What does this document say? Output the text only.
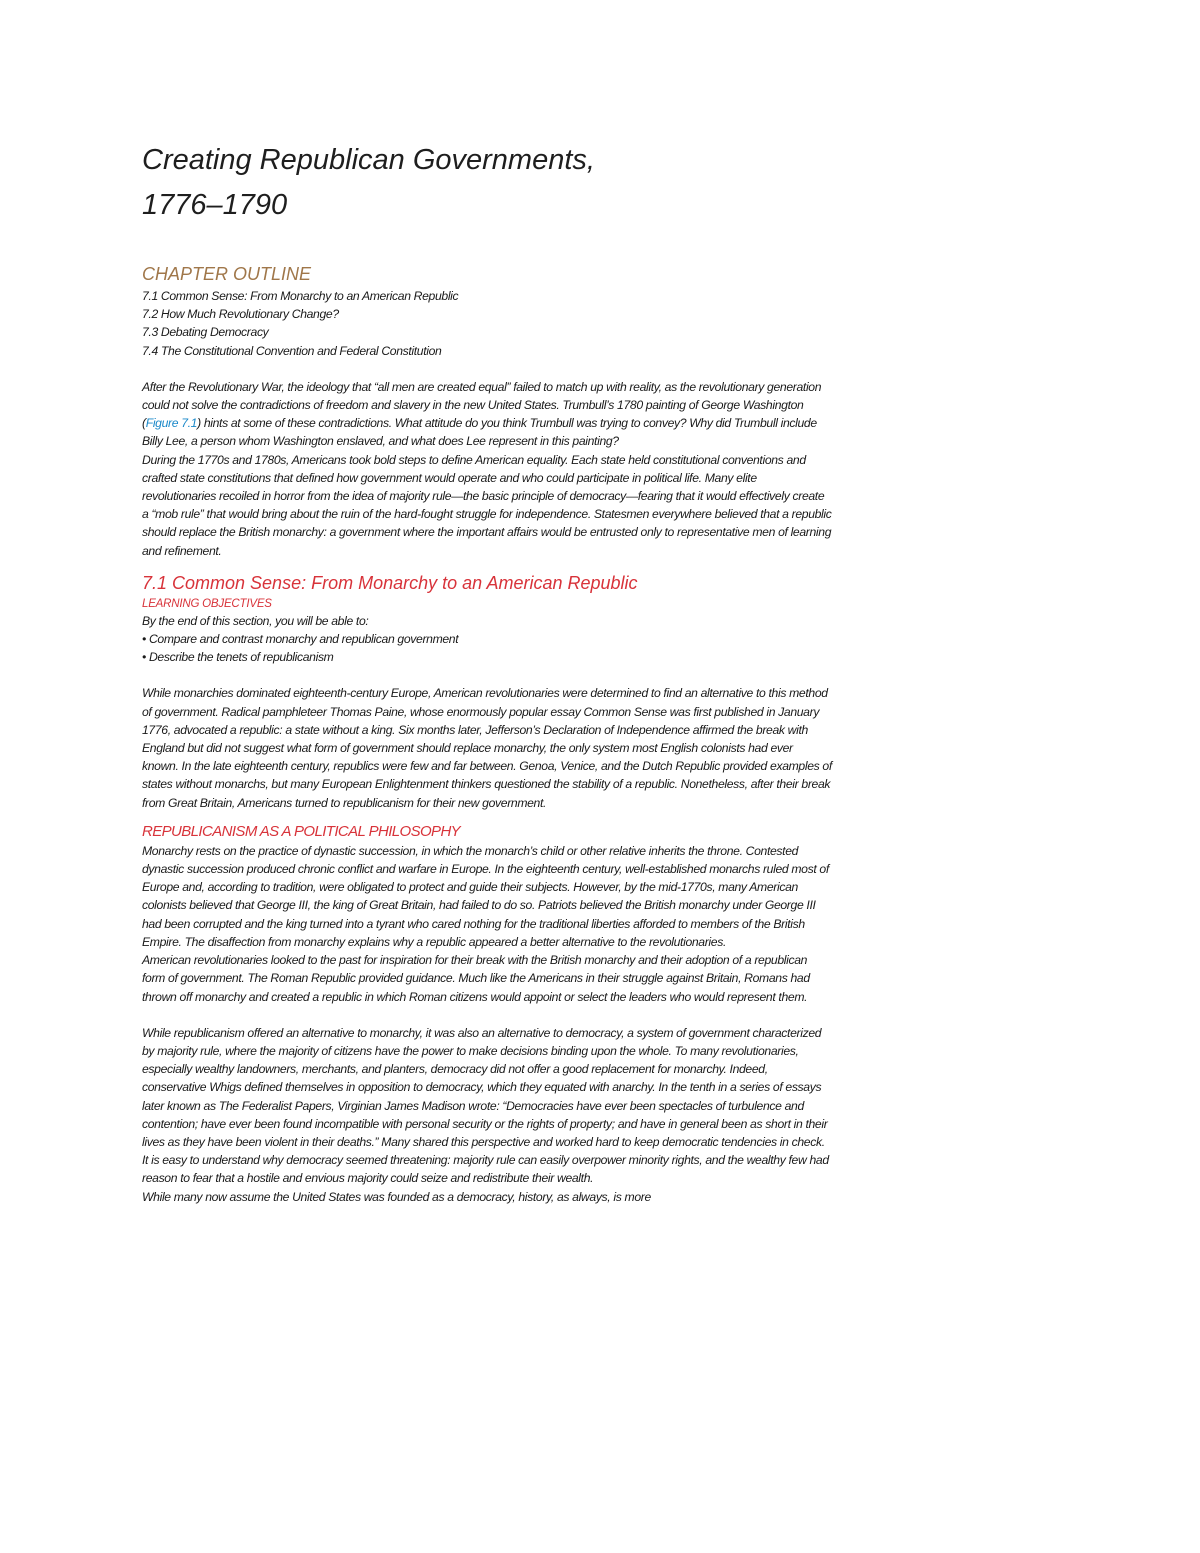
Creating Republican Governments,
1776–1790
CHAPTER OUTLINE
7.1 Common Sense: From Monarchy to an American Republic
7.2 How Much Revolutionary Change?
7.3 Debating Democracy
7.4 The Constitutional Convention and Federal Constitution

After the Revolutionary War, the ideology that “all men are created equal” failed to match up with reality, as the revolutionary generation could not solve the contradictions of freedom and slavery in the new United States. Trumbull’s 1780 painting of George Washington (Figure 7.1) hints at some of these contradictions. What attitude do you think Trumbull was trying to convey? Why did Trumbull include Billy Lee, a person whom Washington enslaved, and what does Lee represent in this painting?

During the 1770s and 1780s, Americans took bold steps to define American equality. Each state held constitutional conventions and crafted state constitutions that defined how government would operate and who could participate in political life. Many elite revolutionaries recoiled in horror from the idea of majority rule—the basic principle of democracy—fearing that it would effectively create a “mob rule” that would bring about the ruin of the hard-fought struggle for independence. Statesmen everywhere believed that a republic should replace the British monarchy: a government where the important affairs would be entrusted only to representative men of learning and refinement.

7.1 Common Sense: From Monarchy to an American Republic
LEARNING OBJECTIVES

By the end of this section, you will be able to:

• Compare and contrast monarchy and republican government

• Describe the tenets of republicanism

While monarchies dominated eighteenth-century Europe, American revolutionaries were determined to find an alternative to this method of government. Radical pamphleteer Thomas Paine, whose enormously popular essay Common Sense was first published in January 1776, advocated a republic: a state without a king. Six months later, Jefferson’s Declaration of Independence affirmed the break with England but did not suggest what form of government should replace monarchy, the only system most English colonists had ever known. In the late eighteenth century, republics were few and far between. Genoa, Venice, and the Dutch Republic provided examples of states without monarchs, but many European Enlightenment thinkers questioned the stability of a republic. Nonetheless, after their break from Great Britain, Americans turned to republicanism for their new government.

REPUBLICANISM AS A POLITICAL PHILOSOPHY

Monarchy rests on the practice of dynastic succession, in which the monarch’s child or other relative inherits the throne. Contested dynastic succession produced chronic conflict and warfare in Europe. In the eighteenth century, well-established monarchs ruled most of Europe and, according to tradition, were obligated to protect and guide their subjects. However, by the mid-1770s, many American colonists believed that George III, the king of Great Britain, had failed to do so. Patriots believed the British monarchy under George III had been corrupted and the king turned into a tyrant who cared nothing for the traditional liberties afforded to members of the British Empire. The disaffection from monarchy explains why a republic appeared a better alternative to the revolutionaries.

American revolutionaries looked to the past for inspiration for their break with the British monarchy and their adoption of a republican form of government. The Roman Republic provided guidance. Much like the Americans in their struggle against Britain, Romans had thrown off monarchy and created a republic in which Roman citizens would appoint or select the leaders who would represent them.

While republicanism offered an alternative to monarchy, it was also an alternative to democracy, a system of government characterized by majority rule, where the majority of citizens have the power to make decisions binding upon the whole. To many revolutionaries, especially wealthy landowners, merchants, and planters, democracy did not offer a good replacement for monarchy. Indeed, conservative Whigs defined themselves in opposition to democracy, which they equated with anarchy. In the tenth in a series of essays later known as The Federalist Papers, Virginian James Madison wrote: “Democracies have ever been spectacles of turbulence and contention; have ever been found incompatible with personal security or the rights of property; and have in general been as short in their lives as they have been violent in their deaths.” Many shared this perspective and worked hard to keep democratic tendencies in check. It is easy to understand why democracy seemed threatening: majority rule can easily overpower minority rights, and the wealthy few had reason to fear that a hostile and envious majority could seize and redistribute their wealth.

While many now assume the United States was founded as a democracy, history, as always, is more
